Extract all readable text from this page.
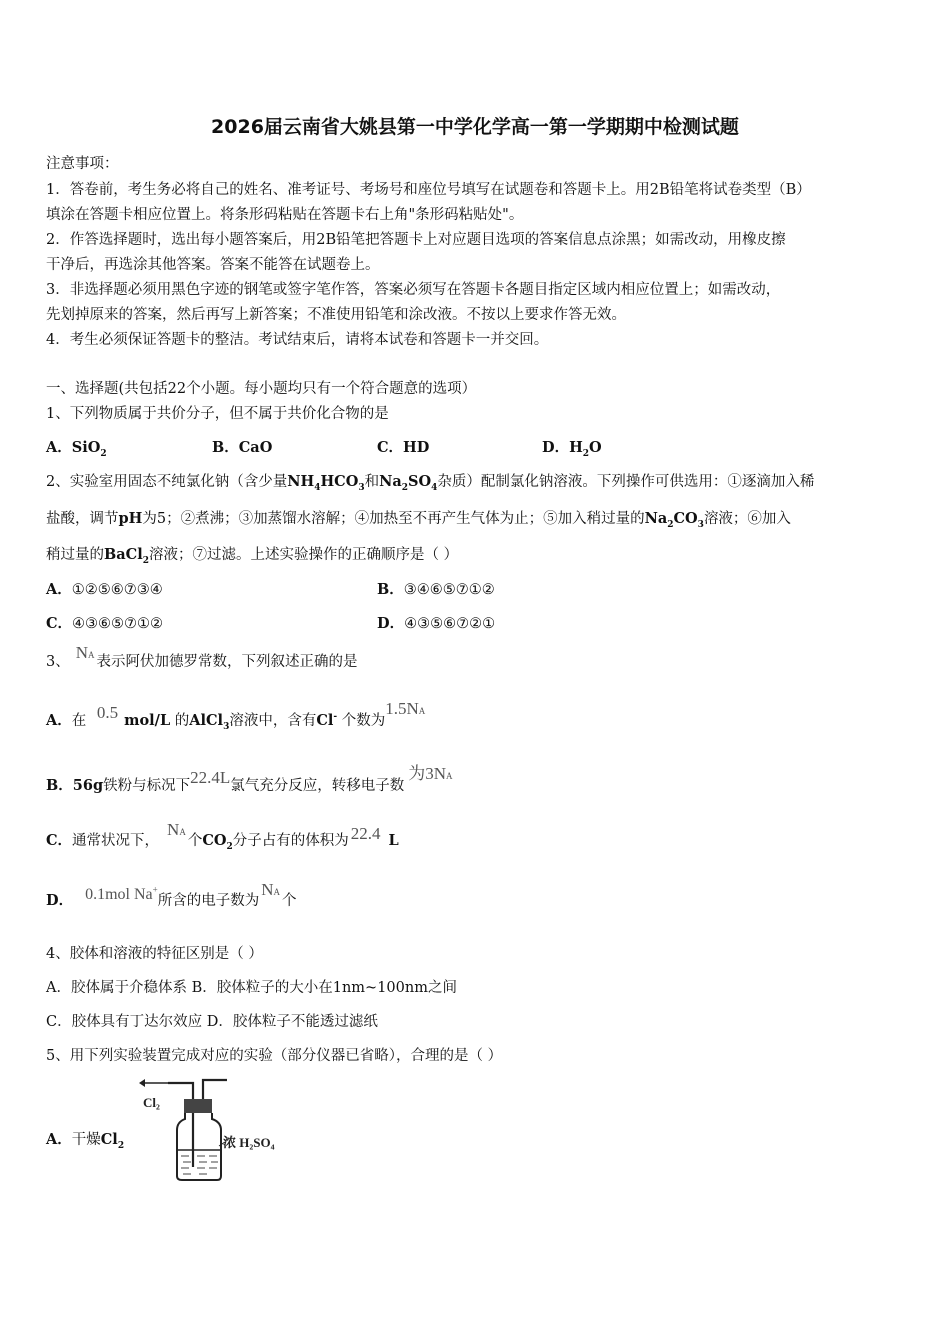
2026届云南省大姚县第一中学化学高一第一学期期中检测试题
注意事项：
1．答卷前，考生务必将自己的姓名、准考证号、考场号和座位号填写在试题卷和答题卡上。用2B铅笔将试卷类型（B）
填涂在答题卡相应位置上。将条形码粘贴在答题卡右上角"条形码粘贴处"。
2．作答选择题时，选出每小题答案后，用2B铅笔把答题卡上对应题目选项的答案信息点涂黑；如需改动，用橡皮擦
干净后，再选涂其他答案。答案不能答在试题卷上。
3．非选择题必须用黑色字迹的钢笔或签字笔作答，答案必须写在答题卡各题目指定区域内相应位置上；如需改动，
先划掉原来的答案，然后再写上新答案；不准使用铅笔和涂改液。不按以上要求作答无效。
4．考生必须保证答题卡的整洁。考试结束后，请将本试卷和答题卡一并交回。
一、选择题(共包括22个小题。每小题均只有一个符合题意的选项）
1、下列物质属于共价分子，但不属于共价化合物的是
A．SiO$_2$	B．CaO	C．HD	D．$H_2O$
2、实验室用固态不纯氯化钠（含少量$NH_4HCO_3$和$Na_2SO_4$杂质）配制氯化钠溶液。下列操作可供选用：①逐滴加入稀
盐酸，调节pH为5；②煮沸；③加蒸馏水溶解；④加热至不再产生气体为止；⑤加入稍过量的$Na_2CO_3$溶液；⑥加入
稍过量的BaCl$_2$溶液；⑦过滤。上述实验操作的正确顺序是（ ）
A．①②⑤⑥⑦③④	B．③④⑥⑤⑦①②
C．④③⑥⑤⑦①②	D．④③⑤⑥⑦②①
3、 NA 表示阿伏加德罗常数，下列叙述正确的是
A．在 0.5 mol/L 的AlCl$_3$溶液中，含有Cl- 个数为1.5NA
B．56g铁粉与标况下22.4L氯气充分反应，转移电子数为3NA
C．通常状况下，NA个$CO_2$分子占有的体积为 22.4 L
D． 0.1mol Na+所含的电子数为NA个
4、胶体和溶液的特征区别是（ ）
A．胶体属于介稳体系 B．胶体粒子的大小在1nm~100nm之间
C．胶体具有丁达尔效应 D．胶体粒子不能透过滤纸
5、用下列实验装置完成对应的实验（部分仪器已省略），合理的是（ ）
A．干燥$Cl_2$
Cl₂
浓 H₂SO₄
